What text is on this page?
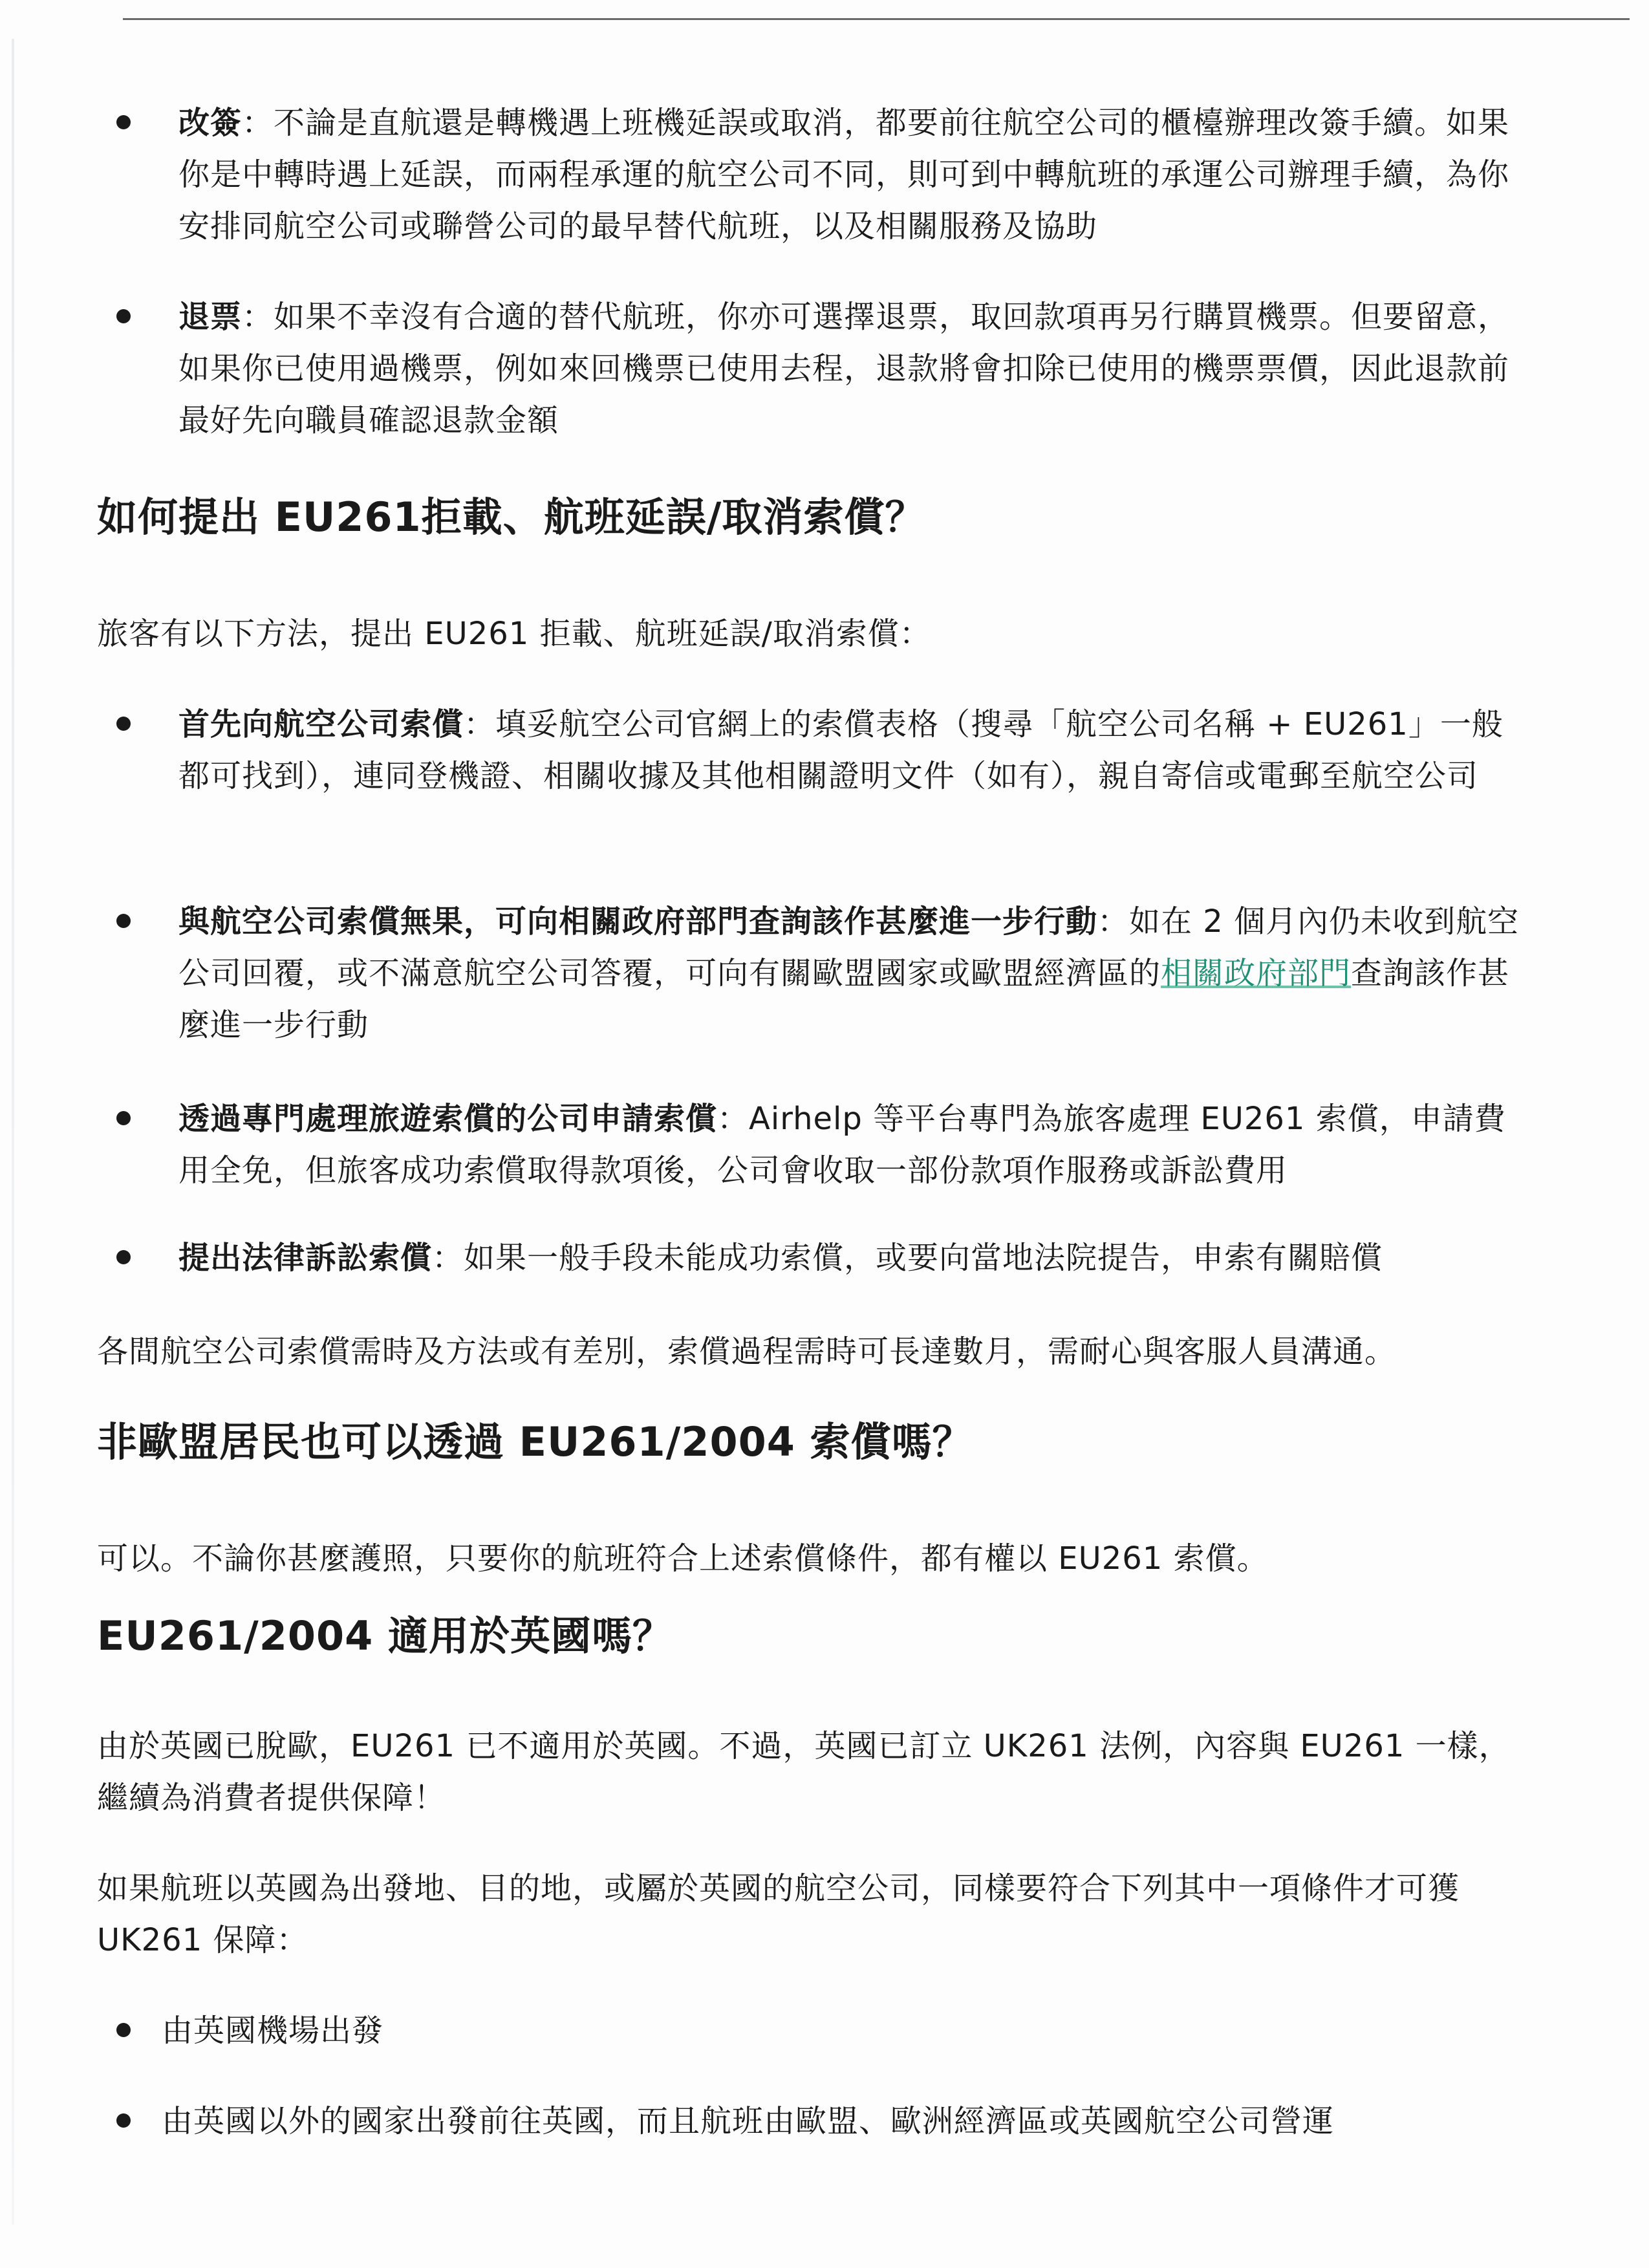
改簽：不論是直航還是轉機遇上班機延誤或取消，都要前往航空公司的櫃檯辦理改簽手續。如果你是中轉時遇上延誤，而兩程承運的航空公司不同，則可到中轉航班的承運公司辦理手續，為你安排同航空公司或聯營公司的最早替代航班，以及相關服務及協助
退票：如果不幸沒有合適的替代航班，你亦可選擇退票，取回款項再另行購買機票。但要留意，如果你已使用過機票，例如來回機票已使用去程，退款將會扣除已使用的機票票價，因此退款前最好先向職員確認退款金額
如何提出 EU261拒載、航班延誤/取消索償？
旅客有以下方法，提出 EU261 拒載、航班延誤/取消索償：
首先向航空公司索償：填妥航空公司官網上的索償表格（搜尋「航空公司名稱 + EU261」一般都可找到），連同登機證、相關收據及其他相關證明文件（如有），親自寄信或電郵至航空公司
與航空公司索償無果，可向相關政府部門查詢該作甚麼進一步行動：如在 2 個月內仍未收到航空公司回覆，或不滿意航空公司答覆，可向有關歐盟國家或歐盟經濟區的相關政府部門查詢該作甚麼進一步行動
透過專門處理旅遊索償的公司申請索償：Airhelp 等平台專門為旅客處理 EU261 索償，申請費用全免，但旅客成功索償取得款項後，公司會收取一部份款項作服務或訴訟費用
提出法律訴訟索償：如果一般手段未能成功索償，或要向當地法院提告，申索有關賠償
各間航空公司索償需時及方法或有差別，索償過程需時可長達數月，需耐心與客服人員溝通。
非歐盟居民也可以透過 EU261/2004 索償嗎？
可以。不論你甚麼護照，只要你的航班符合上述索償條件，都有權以 EU261 索償。
EU261/2004 適用於英國嗎？
由於英國已脫歐，EU261 已不適用於英國。不過，英國已訂立 UK261 法例，內容與 EU261 一樣，繼續為消費者提供保障！
如果航班以英國為出發地、目的地，或屬於英國的航空公司，同樣要符合下列其中一項條件才可獲 UK261 保障：
由英國機場出發
由英國以外的國家出發前往英國，而且航班由歐盟、歐洲經濟區或英國航空公司營運
